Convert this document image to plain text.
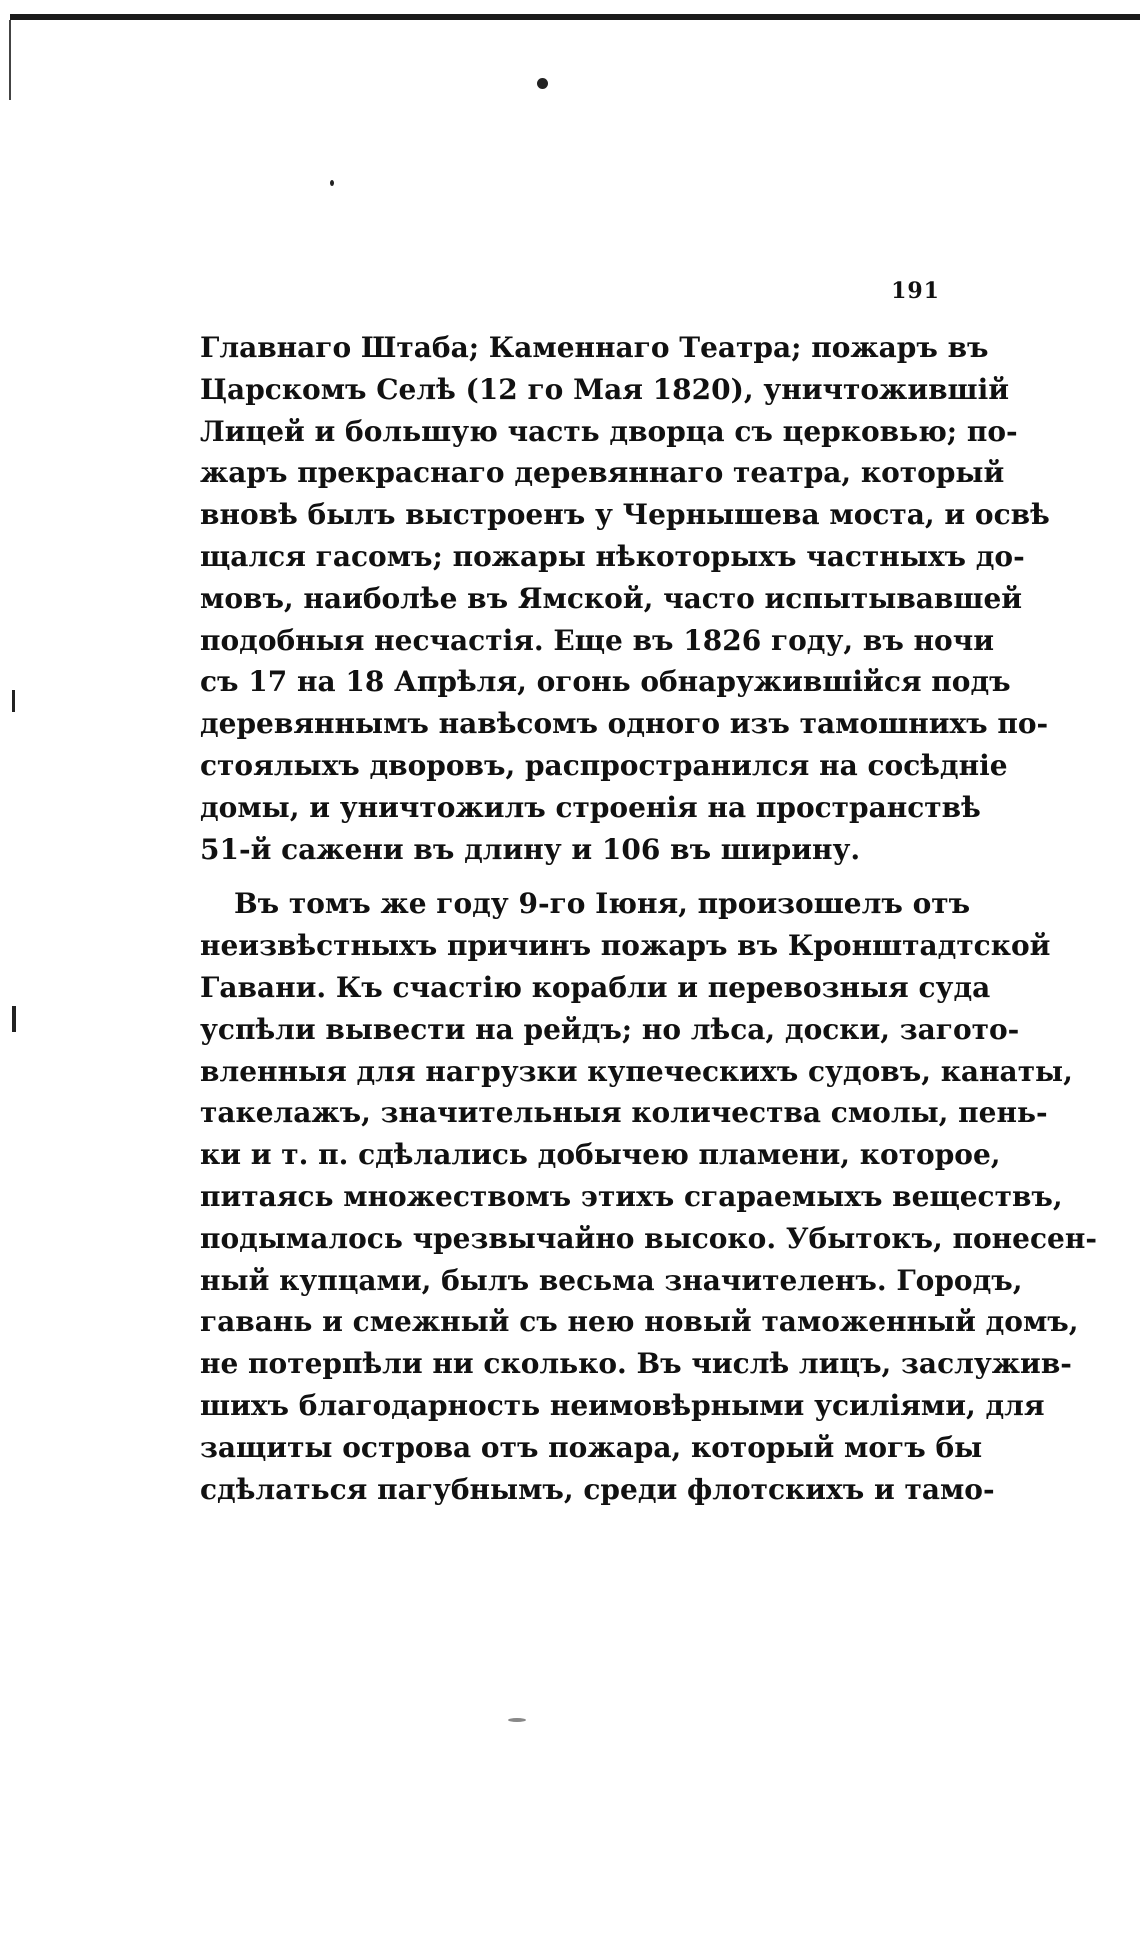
191
Главнаго Штаба; Каменнаго Театра; пожаръ въ
Царскомъ Селѣ (12 го Мая 1820), уничтожившій
Лицей и большую часть дворца съ церковью; по-
жаръ прекраснаго деревяннаго театра, который
вновѣ былъ выстроенъ у Чернышева моста, и освѣ
щался гасомъ; пожары нѣкоторыхъ частныхъ до-
мовъ, наиболѣе въ Ямской, часто испытывавшей
подобныя несчастія. Еще въ 1826 году, въ ночи
съ 17 на 18 Апрѣля, огонь обнаружившійся подъ
деревяннымъ навѣсомъ одного изъ тамошнихъ по-
стоялыхъ дворовъ, распространился на сосѣдніе
домы, и уничтожилъ строенія на пространствѣ
51-й сажени въ длину и 106 въ ширину.
Въ томъ же году 9-го Іюня, произошелъ отъ
неизвѣстныхъ причинъ пожаръ въ Кронштадтской
Гавани. Къ счастію корабли и перевозныя суда
успѣли вывести на рейдъ; но лѣса, доски, загото-
вленныя для нагрузки купеческихъ судовъ, канаты,
такелажъ, значительныя количества смолы, пень-
ки и т. п. сдѣлались добычею пламени, которое,
питаясь множествомъ этихъ сгараемыхъ веществъ,
подымалось чрезвычайно высоко. Убытокъ, понесен-
ный купцами, былъ весьма значителенъ. Городъ,
гавань и смежный съ нею новый таможенный домъ,
не потерпѣли ни сколько. Въ числѣ лицъ, заслужив-
шихъ благодарность неимовѣрными усиліями, для
защиты острова отъ пожара, который могъ бы
сдѣлаться пагубнымъ, среди флотскихъ и тамо-
